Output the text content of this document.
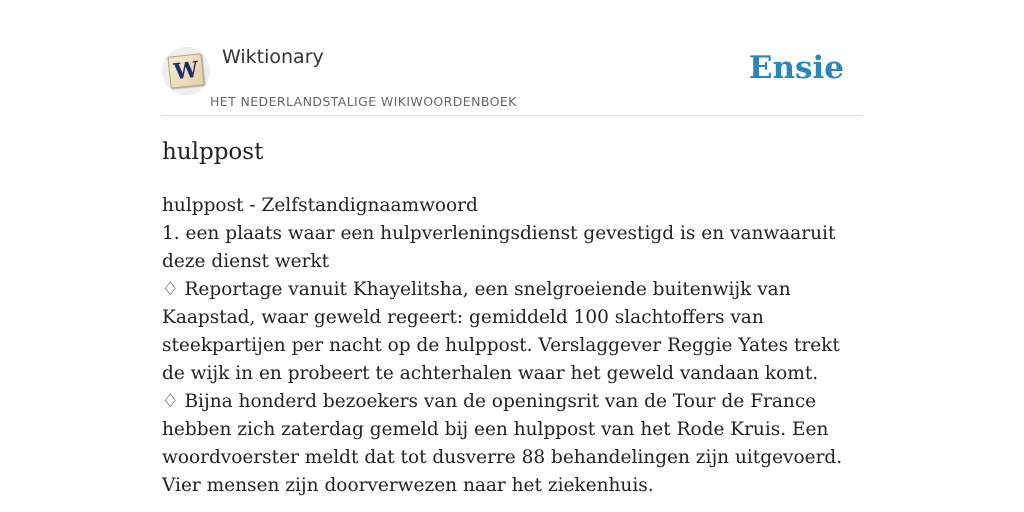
W Wiktionary
HET NEDERLANDSTALIGE WIKIWOORDENBOEK
Ensie
hulppost

hulppost - Zelfstandignaamwoord

1. een plaats waar een hulpverleningsdienst gevestigd is en vanwaaruit deze dienst werkt

♢ Reportage vanuit Khayelitsha, een snelgroeiende buitenwijk van Kaapstad, waar geweld regeert: gemiddeld 100 slachtoffers van steekpartijen per nacht op de hulppost. Verslaggever Reggie Yates trekt de wijk in en probeert te achterhalen waar het geweld vandaan komt.

♢ Bijna honderd bezoekers van de openingsrit van de Tour de France hebben zich zaterdag gemeld bij een hulppost van het Rode Kruis. Een woordvoerster meldt dat tot dusverre 88 behandelingen zijn uitgevoerd. Vier mensen zijn doorverwezen naar het ziekenhuis.
